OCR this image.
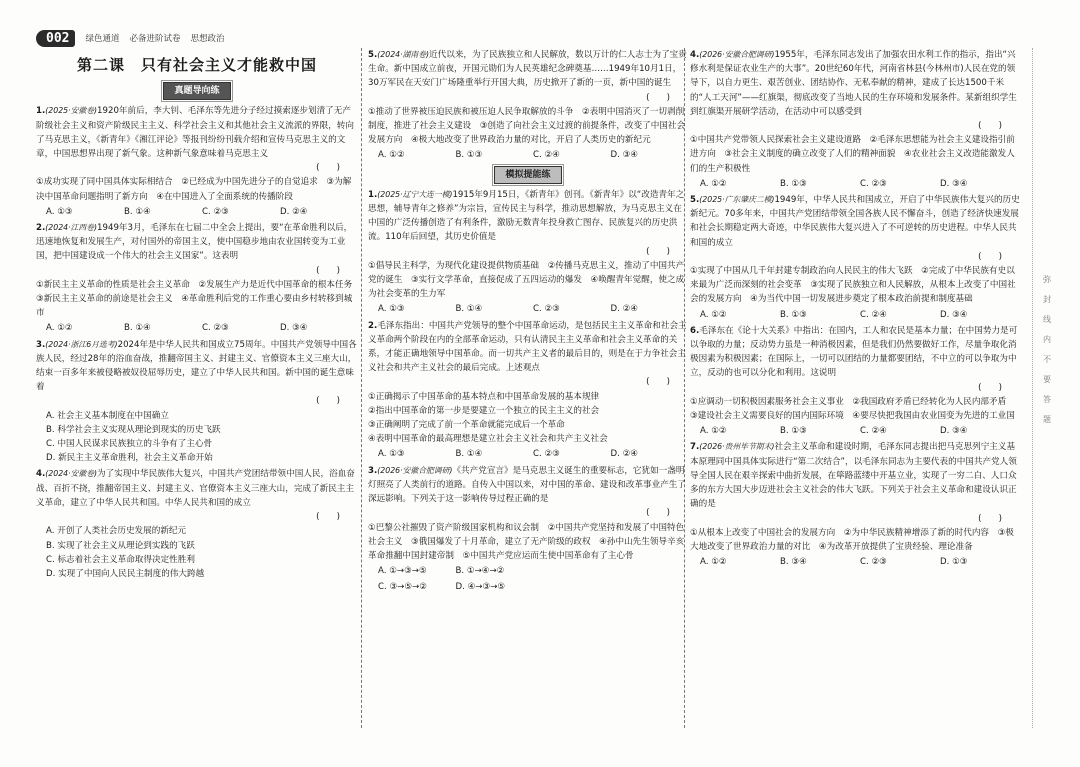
002	绿色通道 必备进阶试卷 思想政治
第二课　只有社会主义才能救中国
真题导向练

1.(2025·安徽卷)1920年前后，李大钊、毛泽东等先进分子经过摸索逐步划清了无产阶级社会主义和资产阶级民主主义、科学社会主义和其他社会主义流派的界限，转向了马克思主义，《新青年》《湘江评论》等报刊纷纷刊载介绍和宣传马克思主义的文章，中国思想界出现了新气象。这种新气象意味着马克思主义
(　　)

①成功实现了同中国具体实际相结合　②已经成为中国先进分子的自觉追求　③为解决中国革命问题指明了新方向　④在中国进入了全面系统的传播阶段

A. ①③	B. ①④	C. ②③	D. ②④

2.(2024·江西卷)1949年3月，毛泽东在七届二中全会上提出，要“在革命胜利以后，迅速地恢复和发展生产，对付国外的帝国主义，使中国稳步地由农业国转变为工业国，把中国建设成一个伟大的社会主义国家”。这表明
(　　)

①新民主主义革命的性质是社会主义革命　②发展生产力是近代中国革命的根本任务　③新民主主义革命的前途是社会主义　④革命胜利后党的工作重心要由乡村转移到城市

A. ①②	B. ①④	C. ②③	D. ③④

3.(2024·浙江6月选考)2024年是中华人民共和国成立75周年。中国共产党领导中国各族人民，经过28年的浴血奋战，推翻帝国主义、封建主义、官僚资本主义三座大山，结束一百多年来被侵略被奴役屈辱历史，建立了中华人民共和国。新中国的诞生意味着
(　　)

A. 社会主义基本制度在中国确立
B. 科学社会主义实现从理论到现实的历史飞跃
C. 中国人民谋求民族独立的斗争有了主心骨
D. 新民主主义革命胜利，社会主义革命开始

4.(2024·安徽卷)为了实现中华民族伟大复兴，中国共产党团结带领中国人民，浴血奋战、百折不挠，推翻帝国主义、封建主义、官僚资本主义三座大山，完成了新民主主义革命，建立了中华人民共和国。中华人民共和国的成立
(　　)

A. 开创了人类社会历史发展的新纪元
B. 实现了社会主义从理论到实践的飞跃
C. 标志着社会主义革命取得决定性胜利
D. 实现了中国向人民民主制度的伟大跨越

5.(2024·湖南卷)近代以来，为了民族独立和人民解放，数以万计的仁人志士为了宝贵生命。新中国成立前夜，开国元勋们为人民英雄纪念碑奠基……1949年10月1日，30万军民在天安门广场隆重举行开国大典，历史掀开了新的一页，新中国的诞生
(　　)

①推动了世界被压迫民族和被压迫人民争取解放的斗争　②表明中国消灭了一切剥削制度，推进了社会主义建设　③创造了向社会主义过渡的前提条件，改变了中国社会发展方向　④极大地改变了世界政治力量的对比，开启了人类历史的新纪元

A. ①②	B. ①③	C. ②④	D. ③④
模拟提能练

1.(2025·辽宁大连一模)1915年9月15日，《新青年》创刊。《新青年》以“改造青年之思想，辅导青年之修养”为宗旨，宣传民主与科学，推动思想解放，为马克思主义在中国的广泛传播创造了有利条件，激励无数青年投身救亡图存、民族复兴的历史洪流。110年后回望，其历史价值是
(　　)

①倡导民主科学，为现代化建设提供物质基础　②传播马克思主义，推动了中国共产党的诞生　③实行文学革命，直接促成了五四运动的爆发　④唤醒青年觉醒，使之成为社会变革的生力军

A. ①③	B. ①④	C. ②③	D. ②④

2.毛泽东指出：中国共产党领导的整个中国革命运动，是包括民主主义革命和社会主义革命两个阶段在内的全部革命运动，只有认清民主主义革命和社会主义革命的关系，才能正确地领导中国革命。而一切共产主义者的最后目的，则是在于力争社会主义社会和共产主义社会的最后完成。上述观点
(　　)

①正确揭示了中国革命的基本特点和中国革命发展的基本规律

②指出中国革命的第一步是要建立一个独立的民主主义的社会

③正确阐明了完成了前一个革命就能完成后一个革命

④表明中国革命的最高理想是建立社会主义社会和共产主义社会

A. ①③	B. ①④	C. ②③	D. ②④

3.(2026·安徽合肥调研)《共产党宣言》是马克思主义诞生的重要标志，它犹如一盏明灯照亮了人类前行的道路。自传入中国以来，对中国的革命、建设和改革事业产生了深远影响。下列关于这一影响传导过程正确的是
(　　)

①巴黎公社摧毁了资产阶级国家机构和议会制　②中国共产党坚持和发展了中国特色社会主义　③俄国爆发了十月革命，建立了无产阶级的政权　④孙中山先生领导辛亥革命推翻中国封建帝制　⑤中国共产党应运而生使中国革命有了主心骨

A. ①→③→⑤	B. ①→④→②
C. ③→⑤→②	D. ④→③→⑤

4.(2026·安徽合肥调研)1955年，毛泽东同志发出了加强农田水利工作的指示，指出“兴修水利是保证农业生产的大事”。20世纪60年代，河南省林县(今林州市)人民在党的领导下，以自力更生、艰苦创业、团结协作、无私奉献的精神，建成了长达1500千米的“人工天河”——红旗渠，彻底改变了当地人民的生存环境和发展条件。某新组织学生到红旗渠开展研学活动，在活动中可以感受到
(　　)

①中国共产党带领人民探索社会主义建设道路　②毛泽东思想能为社会主义建设指引前进方向　③社会主义制度的确立改变了人们的精神面貌　④农业社会主义改造能激发人们的生产积极性

A. ①②	B. ①③	C. ②③	D. ③④

5.(2025·广东肇庆二模)1949年，中华人民共和国成立，开启了中华民族伟大复兴的历史新纪元。70多年来，中国共产党团结带领全国各族人民不懈奋斗，创造了经济快速发展和社会长期稳定两大奇迹，中华民族伟大复兴进入了不可逆转的历史进程。中华人民共和国的成立
(　　)

①实现了中国从几千年封建专制政治向人民民主的伟大飞跃　②完成了中华民族有史以来最为广泛而深刻的社会变革　③实现了民族独立和人民解放，从根本上改变了中国社会的发展方向　④为当代中国一切发展进步奠定了根本政治前提和制度基础

A. ①②	B. ①③	C. ②④	D. ③④

6.毛泽东在《论十大关系》中指出：在国内，工人和农民是基本力量；在中国势力是可以争取的力量；反动势力虽是一种消极因素，但是我们仍然要做好工作，尽量争取化消极因素为积极因素；在国际上，一切可以团结的力量都要团结，不中立的可以争取为中立，反动的也可以分化和利用。这说明
(　　)

①应调动一切积极因素服务社会主义事业　②我国政府矛盾已经转化为人民内部矛盾　③建设社会主义需要良好的国内国际环境　④要尽快把我国由农业国变为先进的工业国

A. ①②	B. ①③	C. ②④	D. ③④

7.(2026·贵州毕节期末)社会主义革命和建设时期，毛泽东同志提出把马克思列宁主义基本原理同中国具体实际进行“第二次结合”，以毛泽东同志为主要代表的中国共产党人领导全国人民在艰辛探索中曲折发展，在筚路蓝缕中开基立业，实现了一穷二白、人口众多的东方大国大步迈进社会主义社会的伟大飞跃。下列关于社会主义革命和建设认识正确的是
(　　)

①从根本上改变了中国社会的发展方向　②为中华民族精神增添了新的时代内容　③极大地改变了世界政治力量的对比　④为改革开放提供了宝贵经验、理论准备

A. ①②	B. ③④	C. ②③	D. ①③
弥
封
线
内
不
要
答
题
